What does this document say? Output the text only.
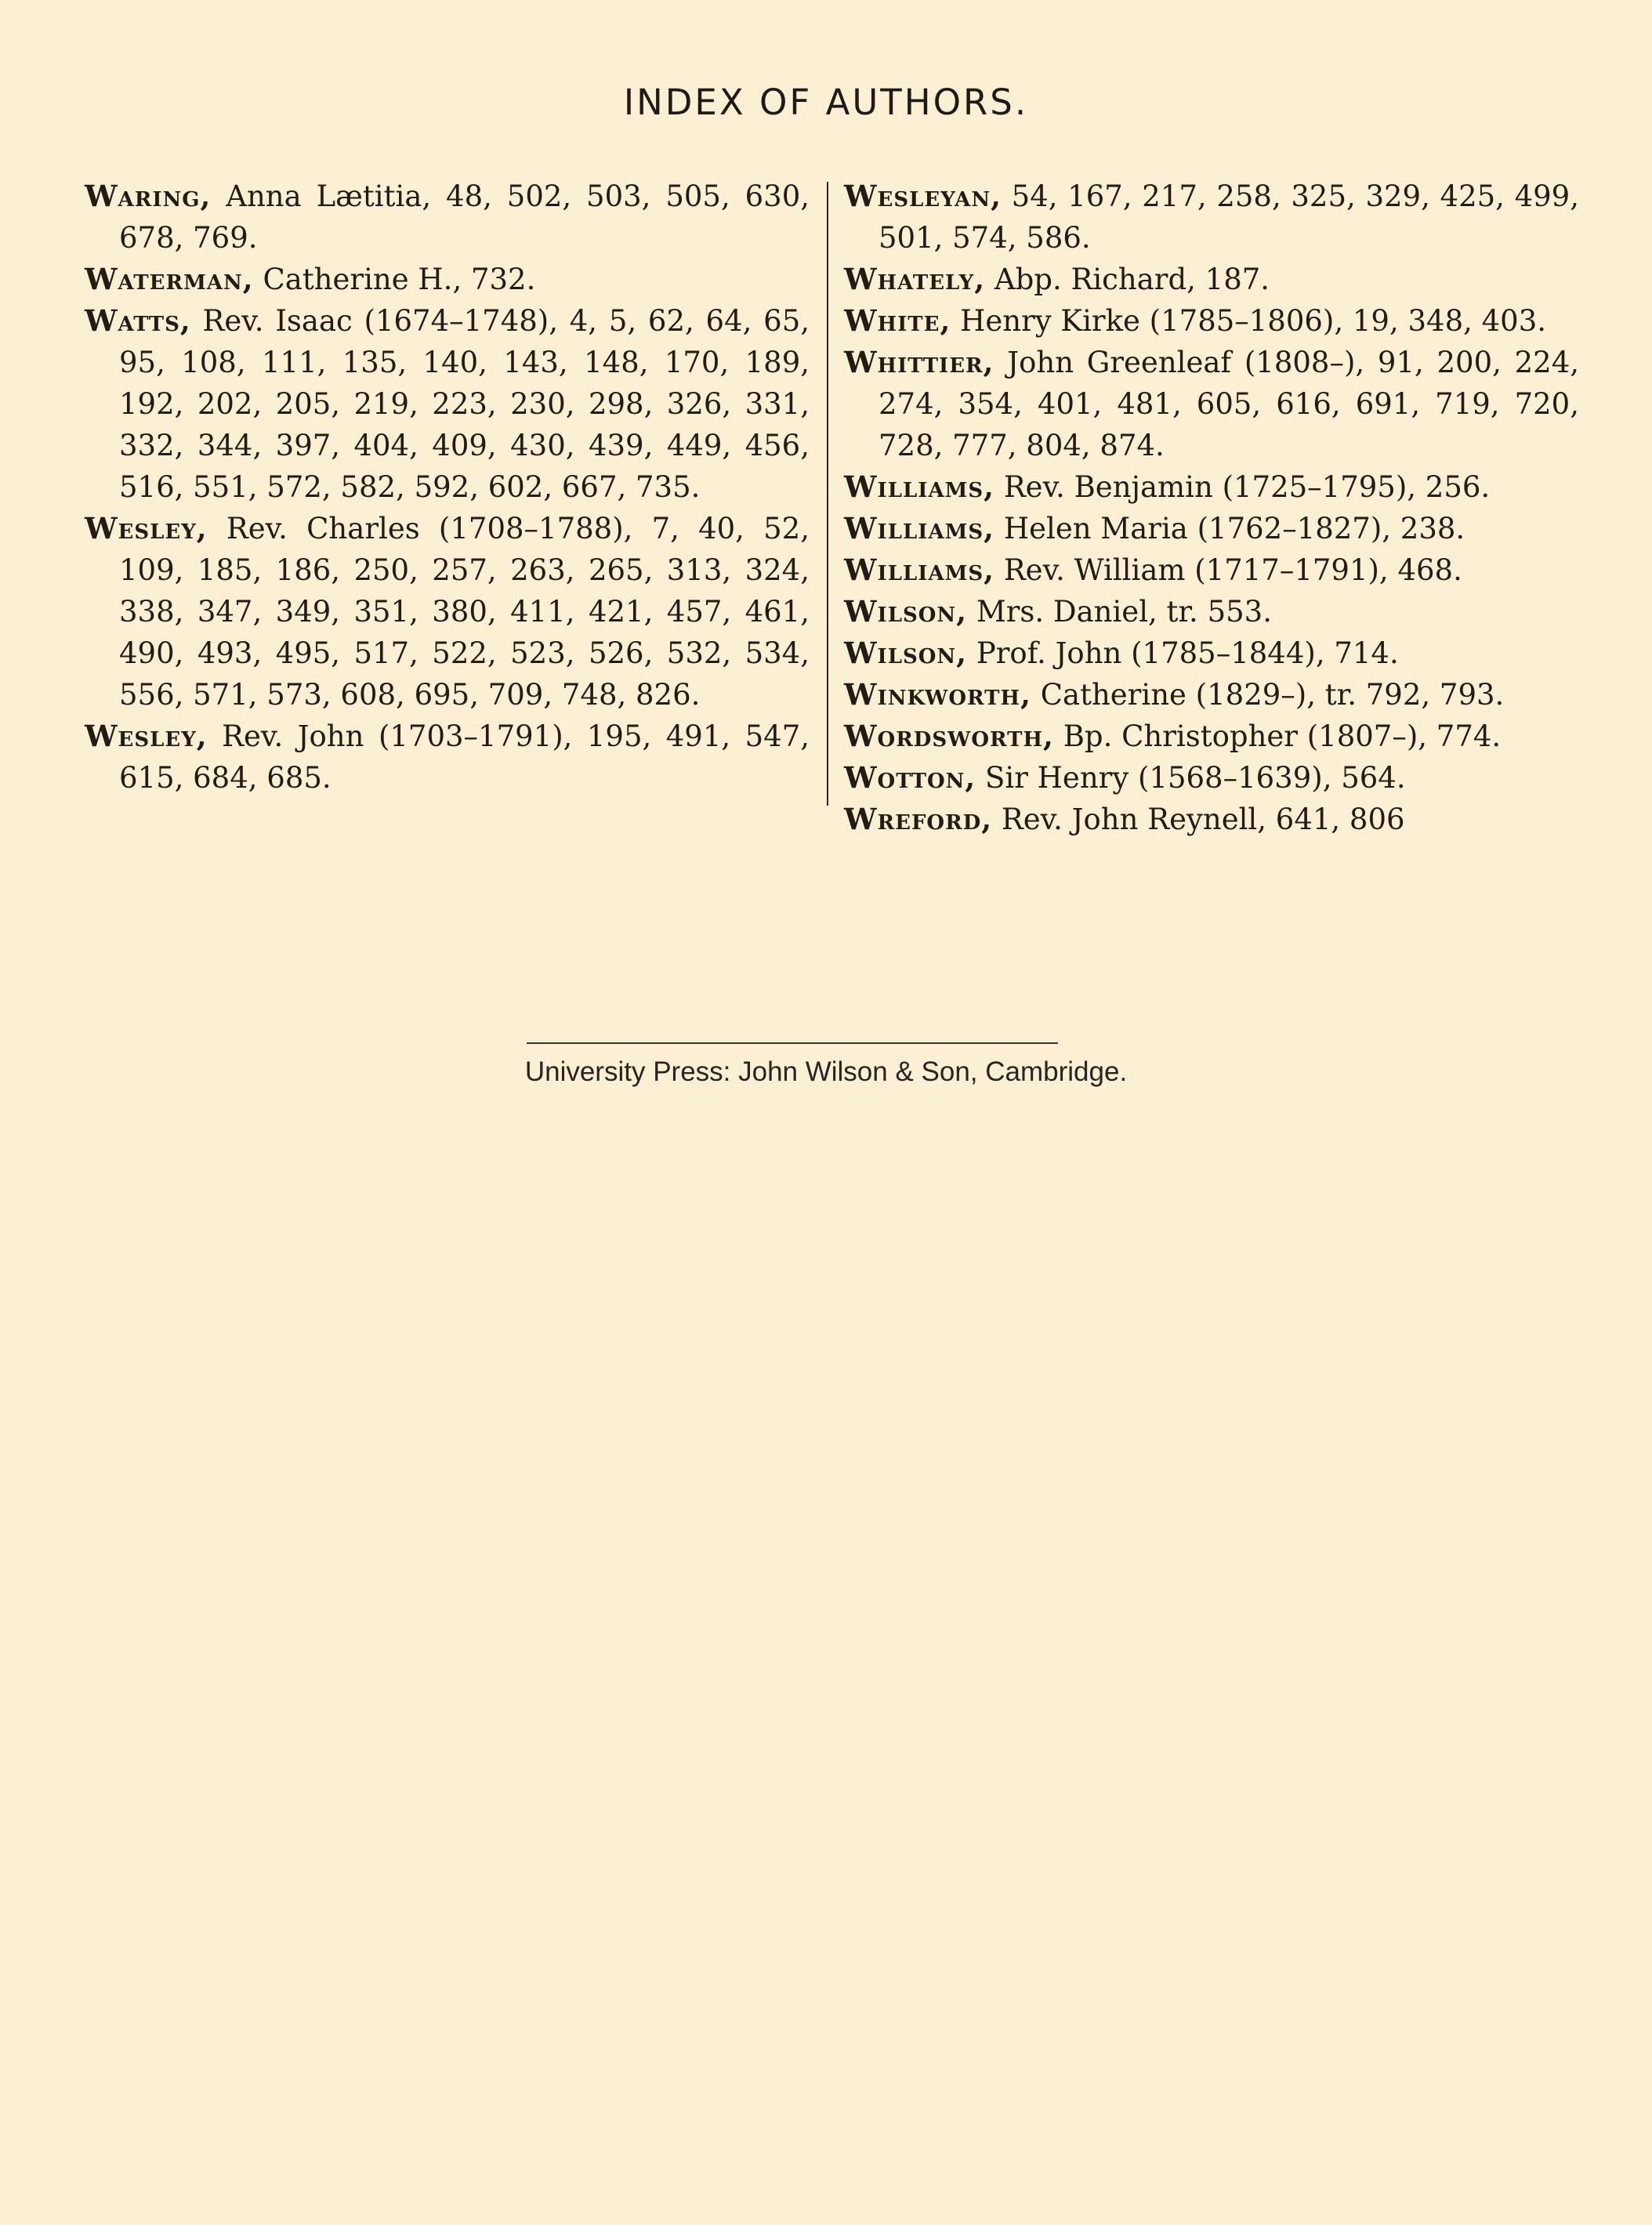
INDEX OF AUTHORS.

Waring, Anna Lætitia, 48, 502, 503, 505, 630, 678, 769.

Waterman, Catherine H., 732.

Watts, Rev. Isaac (1674–1748), 4, 5, 62, 64, 65, 95, 108, 111, 135, 140, 143, 148, 170, 189, 192, 202, 205, 219, 223, 230, 298, 326, 331, 332, 344, 397, 404, 409, 430, 439, 449, 456, 516, 551, 572, 582, 592, 602, 667, 735.

Wesley, Rev. Charles (1708–1788), 7, 40, 52, 109, 185, 186, 250, 257, 263, 265, 313, 324, 338, 347, 349, 351, 380, 411, 421, 457, 461, 490, 493, 495, 517, 522, 523, 526, 532, 534, 556, 571, 573, 608, 695, 709, 748, 826.

Wesley, Rev. John (1703–1791), 195, 491, 547, 615, 684, 685.

Wesleyan, 54, 167, 217, 258, 325, 329, 425, 499, 501, 574, 586.

Whately, Abp. Richard, 187.

White, Henry Kirke (1785–1806), 19, 348, 403.

Whittier, John Greenleaf (1808–), 91, 200, 224, 274, 354, 401, 481, 605, 616, 691, 719, 720, 728, 777, 804, 874.

Williams, Rev. Benjamin (1725–1795), 256.

Williams, Helen Maria (1762–1827), 238.

Williams, Rev. William (1717–1791), 468.

Wilson, Mrs. Daniel, tr. 553.

Wilson, Prof. John (1785–1844), 714.

Winkworth, Catherine (1829–), tr. 792, 793.

Wordsworth, Bp. Christopher (1807–), 774.

Wotton, Sir Henry (1568–1639), 564.

Wreford, Rev. John Reynell, 641, 806

University Press: John Wilson & Son, Cambridge.
